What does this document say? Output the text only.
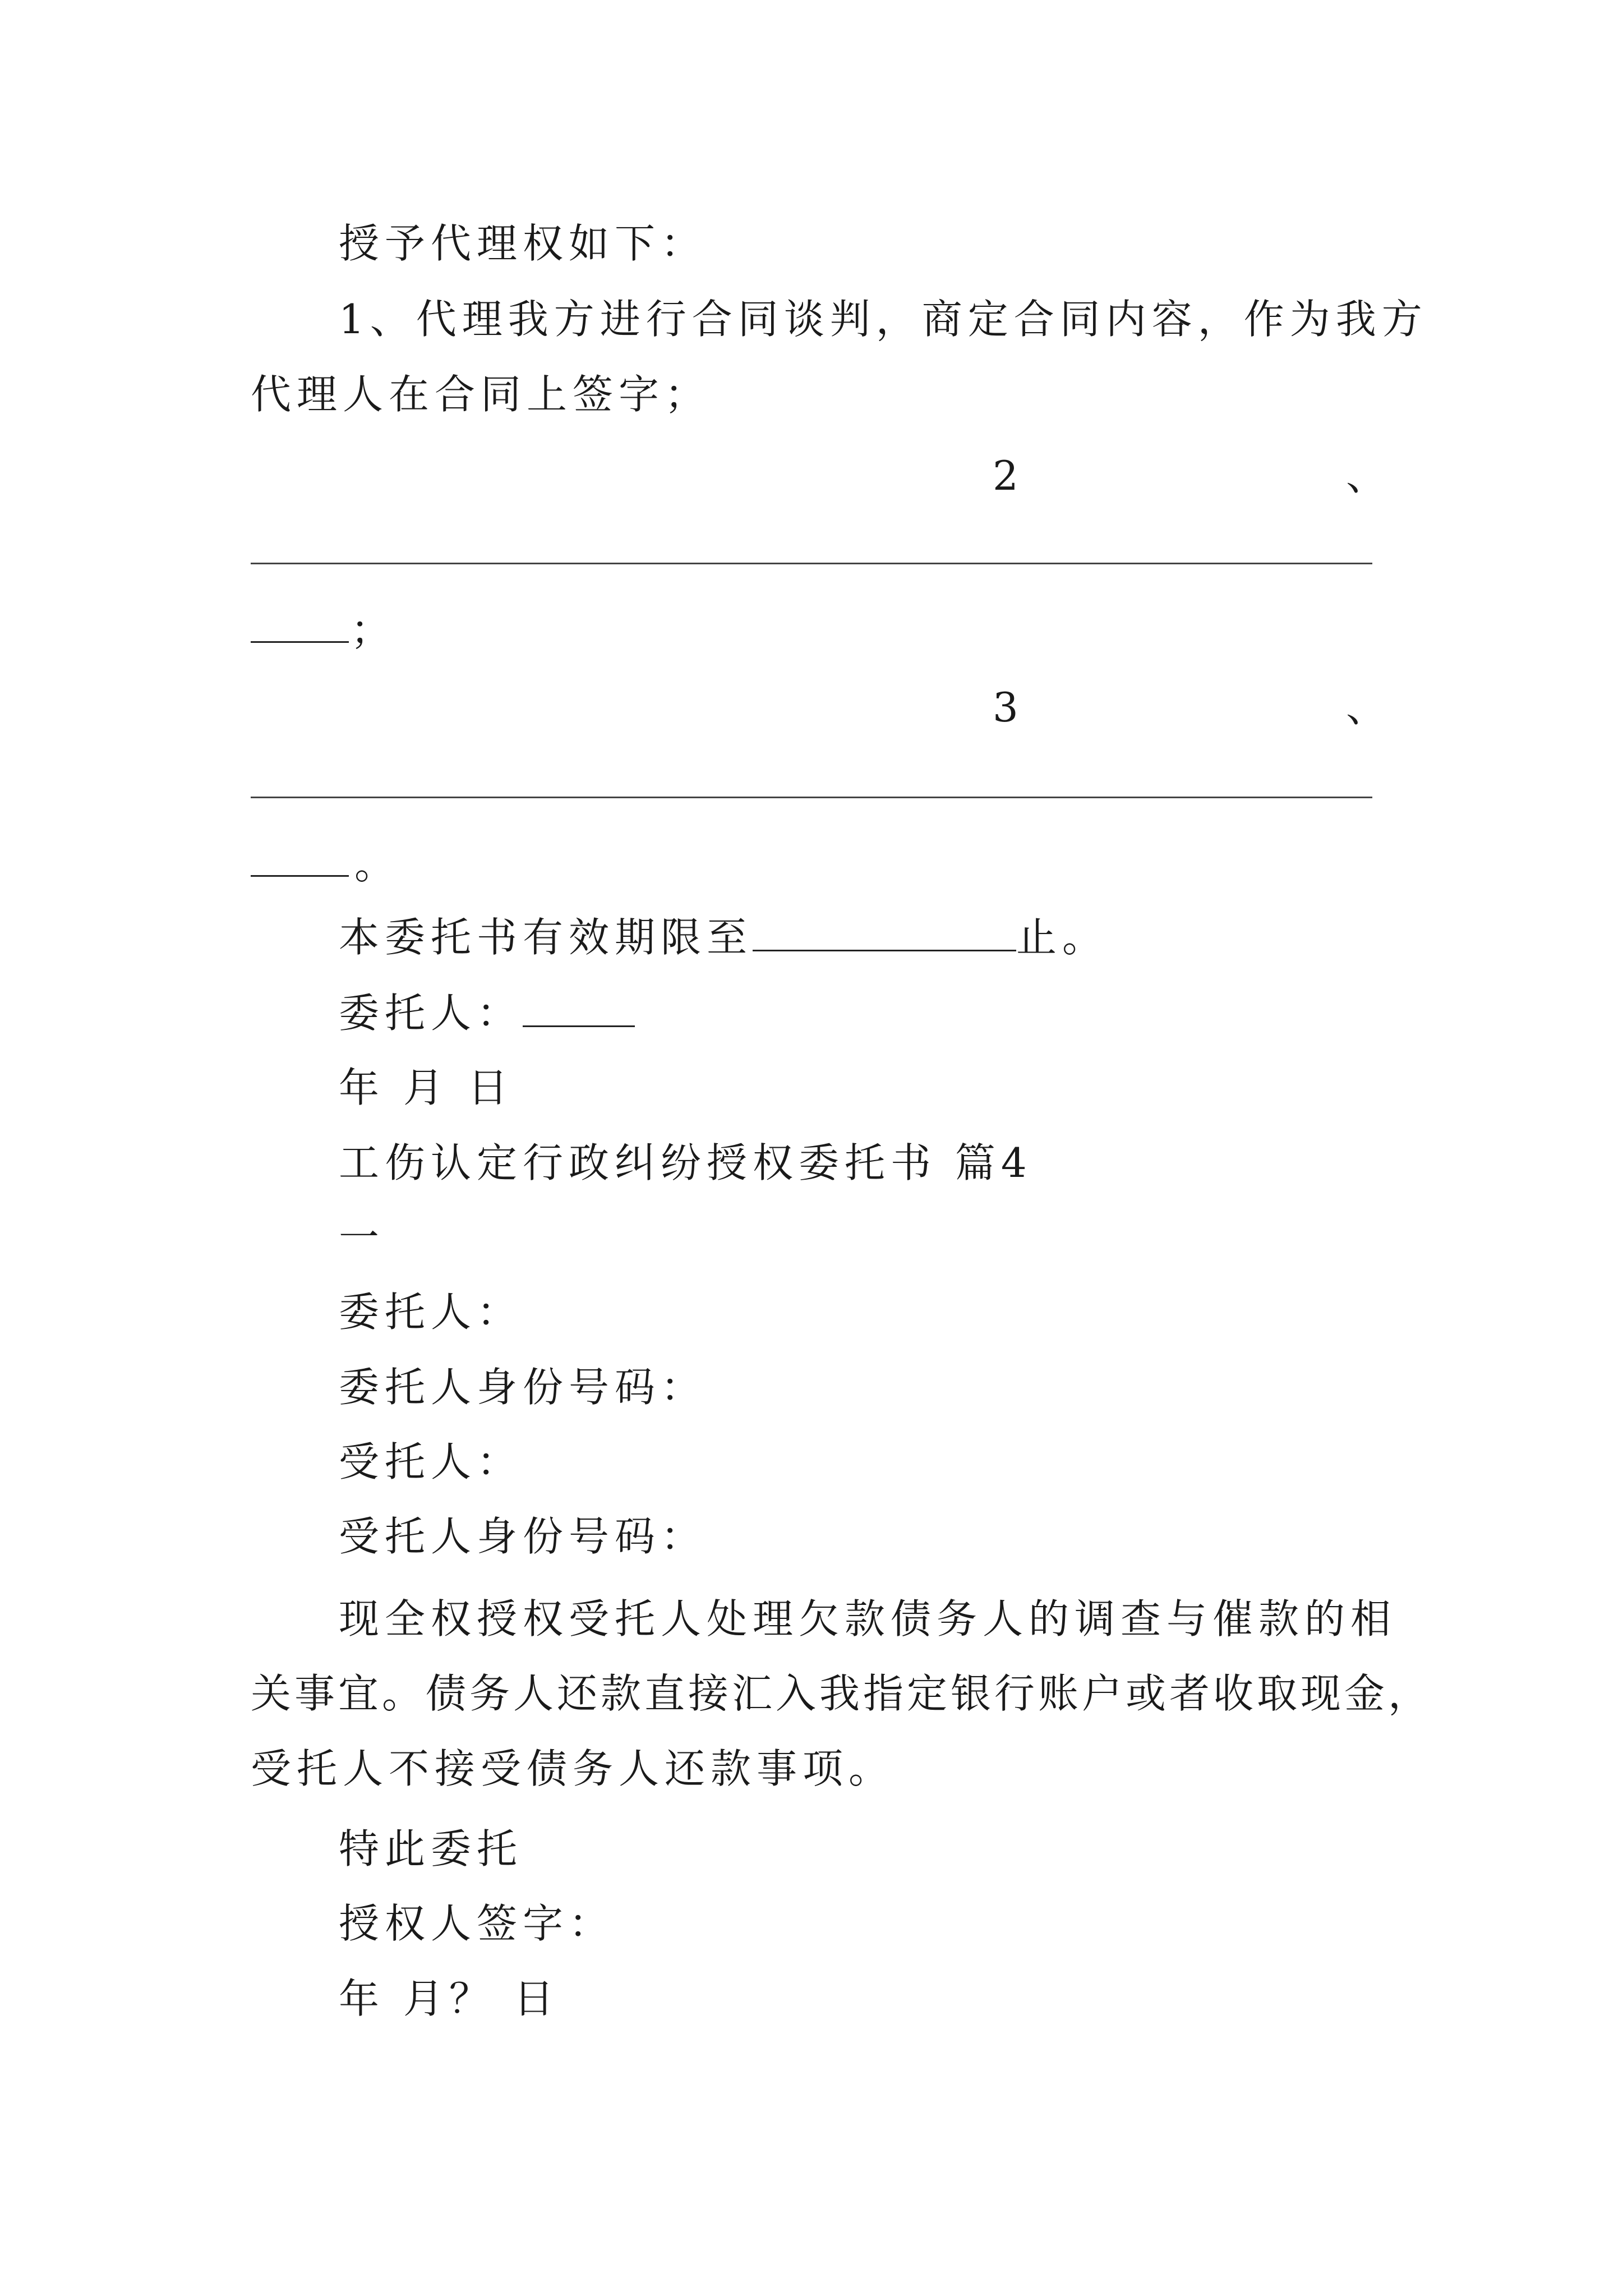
授予代理权如下：
1、代理我方进行合同谈判，商定合同内容，作为我方
代理人在合同上签字；
2	、
；
3	、
。
本委托书有效期限至	止。
委托人：
年 月 日
工伤认定行政纠纷授权委托书 篇4
一
委托人：
委托人身份号码：
受托人：
受托人身份号码：
现全权授权受托人处理欠款债务人的调查与催款的相
关事宜。债务人还款直接汇入我指定银行账户或者收取现金，
受托人不接受债务人还款事项。
特此委托
授权人签字：
年 月？ 日
